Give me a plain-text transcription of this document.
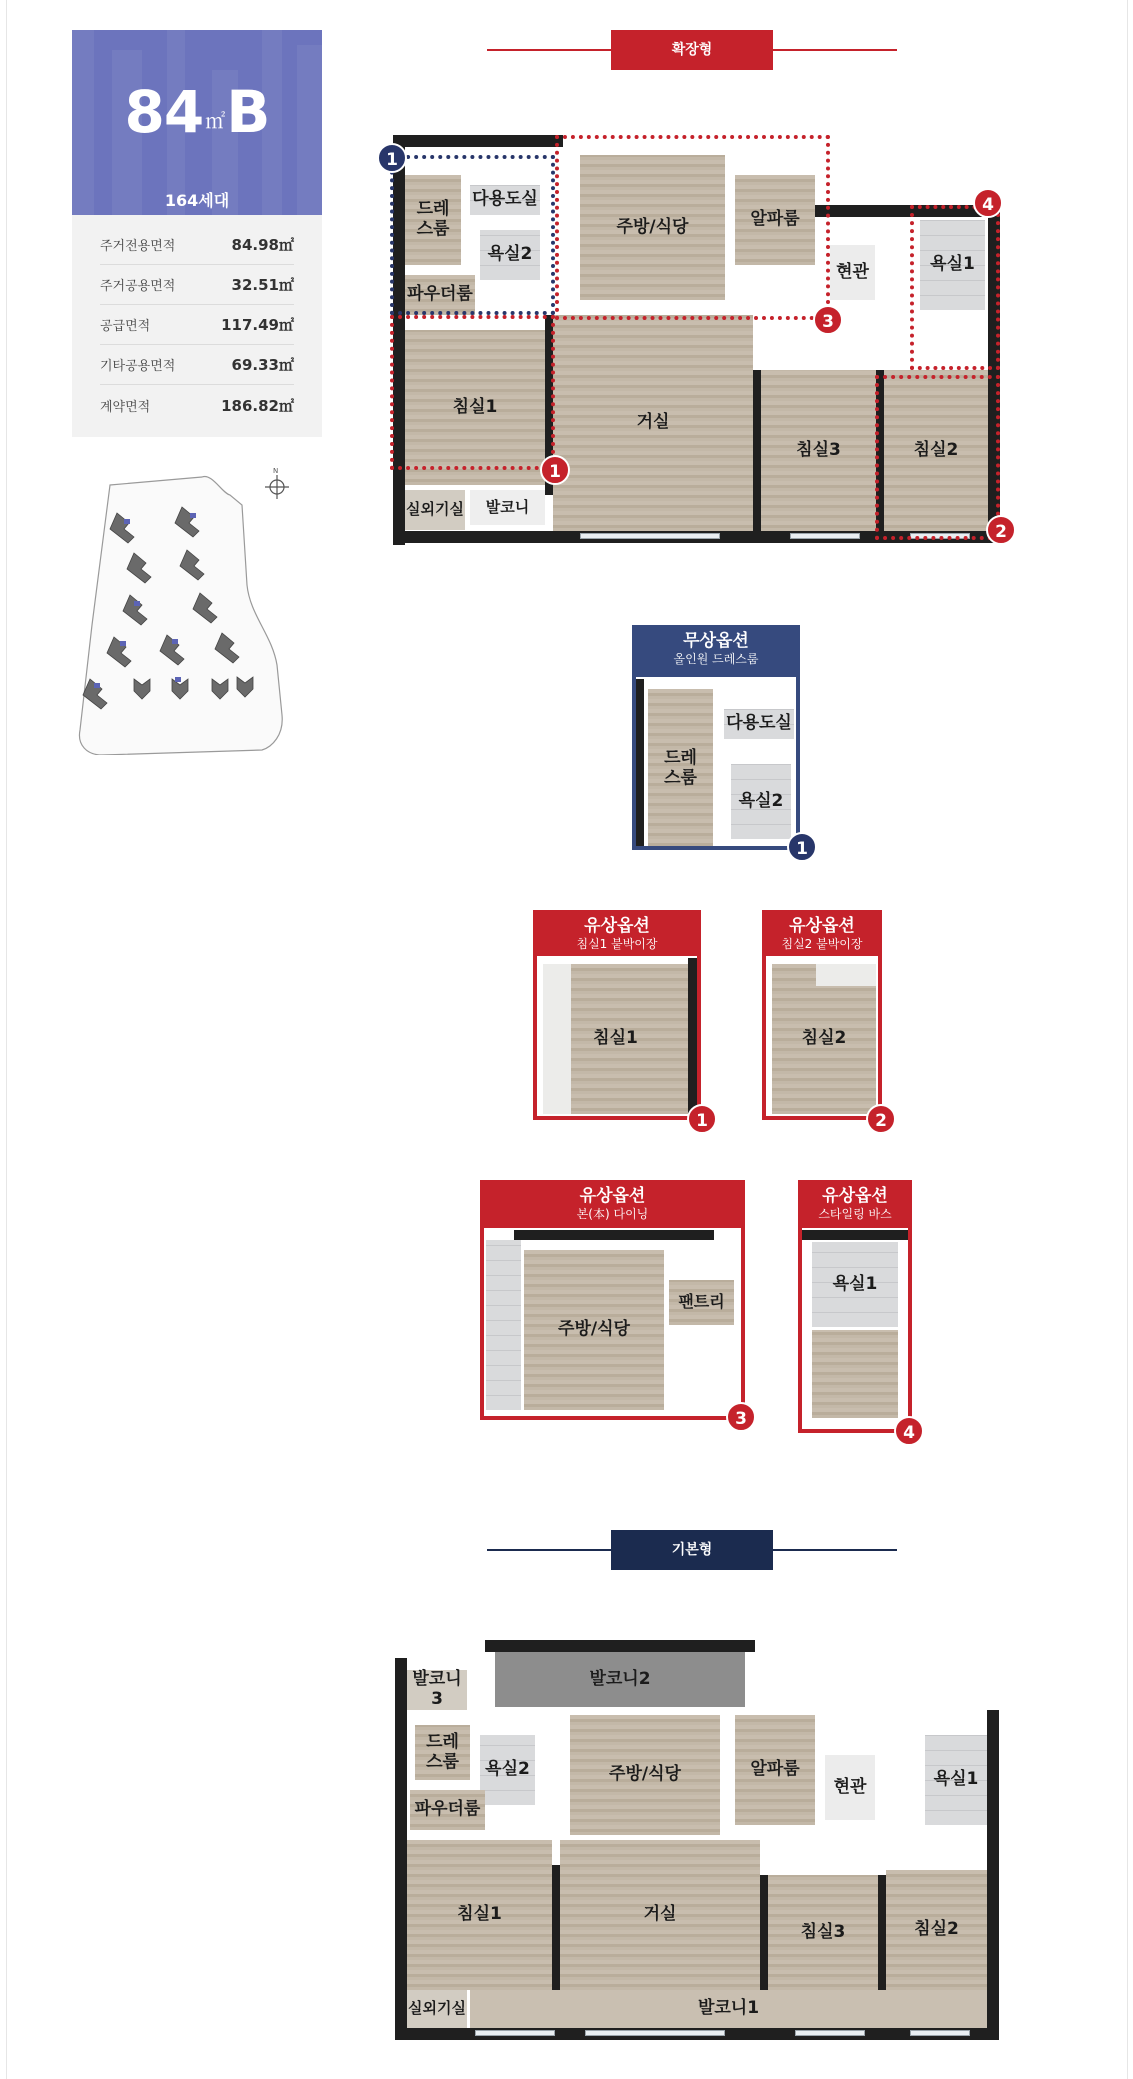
84 ㎡B
164세대
주거전용면적	84.98㎡
주거공용면적	32.51㎡
공급면적	117.49㎡
기타공용면적	69.33㎡
계약면적	186.82㎡
N
확장형
드레
스룸
다용도실
욕실2
파우더룸
주방/식당	알파룸
현관	욕실1
침실1
거실
침실3	침실2
실외기실 발코니
1
1
2
3
4
무상옵션
올인원 드레스룸
드레
스룸
다용도실
욕실2
1
유상옵션
침실1 붙박이장
침실1
1
유상옵션
침실2 붙박이장
침실2
2
유상옵션
본(本) 다이닝
주방/식당
팬트리
3
유상옵션
스타일링 바스
욕실1
4
기본형
발코니3
발코니2
드레
스룸 욕실2
파우더룸
주방/식당	알파룸
현관	욕실1
침실1	거실
침실3	침실2
실외기실	발코니1
